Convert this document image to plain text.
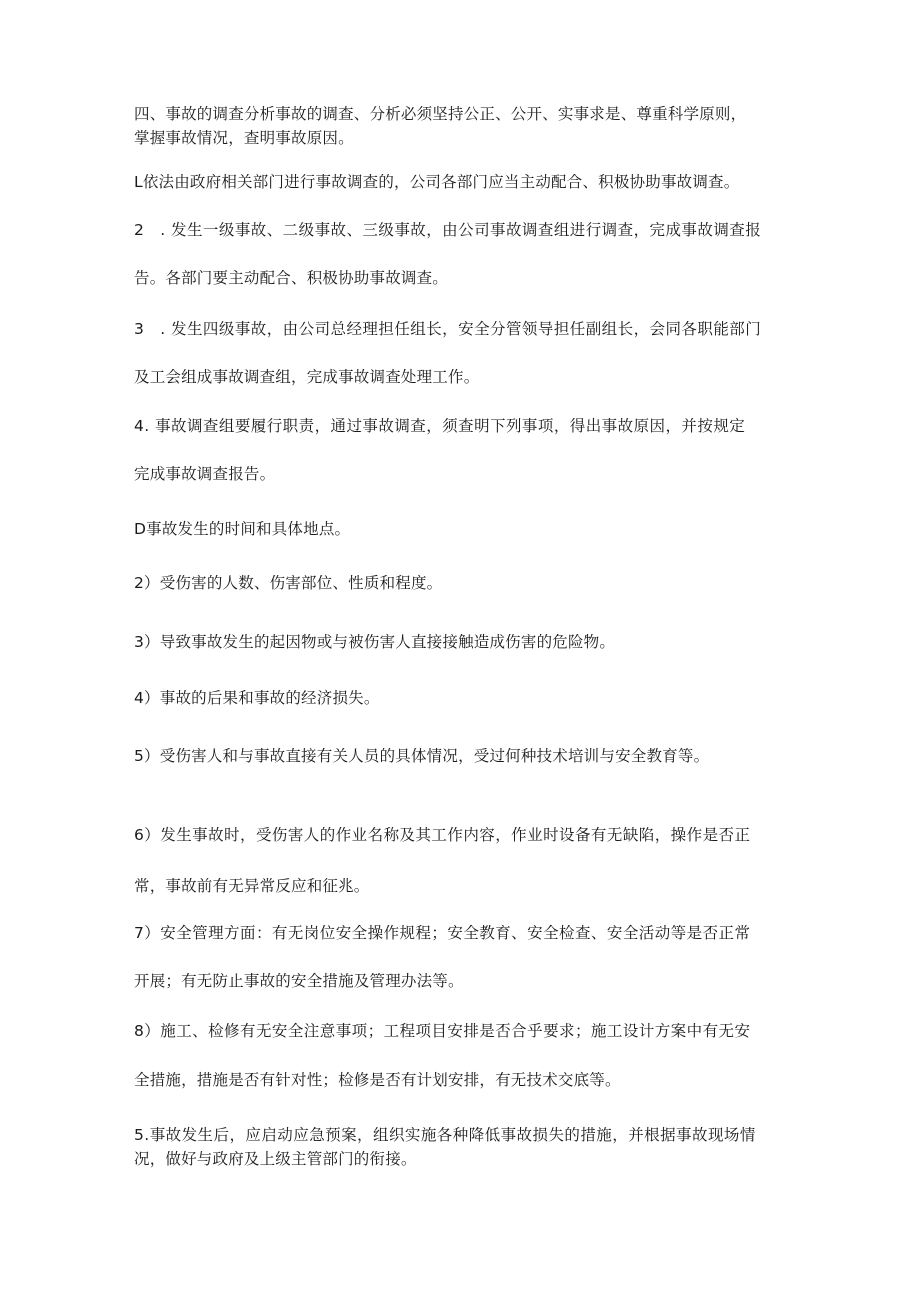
四、事故的调查分析事故的调查、分析必须坚持公正、公开、实事求是、尊重科学原则，
掌握事故情况，查明事故原因。
L依法由政府相关部门进行事故调查的，公司各部门应当主动配合、积极协助事故调查。
2　. 发生一级事故、二级事故、三级事故，由公司事故调查组进行调查，完成事故调查报
告。各部门要主动配合、积极协助事故调查。
3　. 发生四级事故，由公司总经理担任组长，安全分管领导担任副组长，会同各职能部门
及工会组成事故调查组，完成事故调查处理工作。
4. 事故调查组要履行职责，通过事故调查，须查明下列事项，得出事故原因，并按规定
完成事故调查报告。
D事故发生的时间和具体地点。
2）受伤害的人数、伤害部位、性质和程度。
3）导致事故发生的起因物或与被伤害人直接接触造成伤害的危险物。
4）事故的后果和事故的经济损失。
5）受伤害人和与事故直接有关人员的具体情况，受过何种技术培训与安全教育等。
6）发生事故时，受伤害人的作业名称及其工作内容，作业时设备有无缺陷，操作是否正
常，事故前有无异常反应和征兆。
7）安全管理方面：有无岗位安全操作规程；安全教育、安全检查、安全活动等是否正常
开展；有无防止事故的安全措施及管理办法等。
8）施工、检修有无安全注意事项；工程项目安排是否合乎要求；施工设计方案中有无安
全措施，措施是否有针对性；检修是否有计划安排，有无技术交底等。
5.事故发生后，应启动应急预案，组织实施各种降低事故损失的措施，并根据事故现场情
况，做好与政府及上级主管部门的衔接。
